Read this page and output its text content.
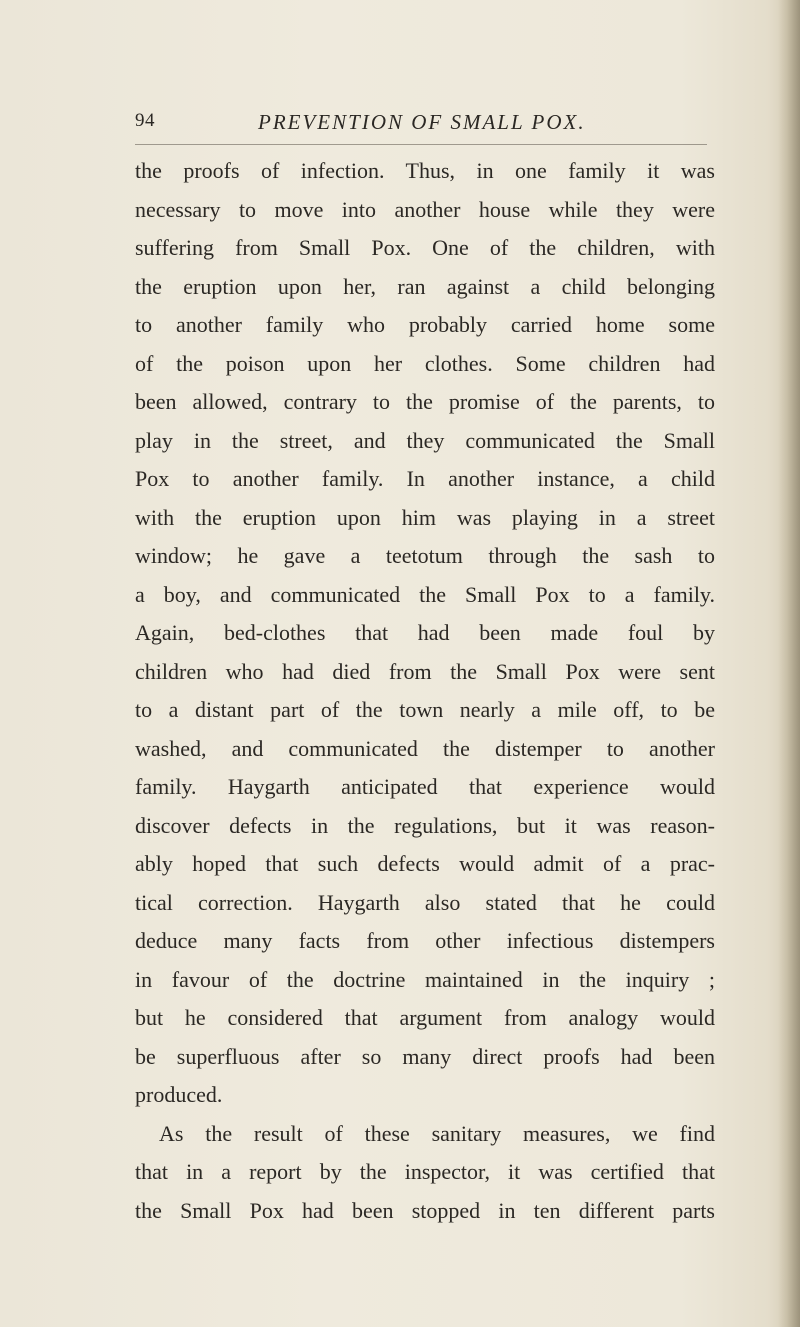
94	PREVENTION OF SMALL POX.
the proofs of infection. Thus, in one family it was
necessary to move into another house while they were
suffering from Small Pox. One of the children, with
the eruption upon her, ran against a child belonging
to another family who probably carried home some
of the poison upon her clothes. Some children had
been allowed, contrary to the promise of the parents, to
play in the street, and they communicated the Small
Pox to another family. In another instance, a child
with the eruption upon him was playing in a street
window; he gave a teetotum through the sash to
a boy, and communicated the Small Pox to a family.
Again, bed-clothes that had been made foul by
children who had died from the Small Pox were sent
to a distant part of the town nearly a mile off, to be
washed, and communicated the distemper to another
family. Haygarth anticipated that experience would
discover defects in the regulations, but it was reason-
ably hoped that such defects would admit of a prac-
tical correction. Haygarth also stated that he could
deduce many facts from other infectious distempers
in favour of the doctrine maintained in the inquiry ;
but he considered that argument from analogy would
be superfluous after so many direct proofs had been
produced.
As the result of these sanitary measures, we find
that in a report by the inspector, it was certified that
the Small Pox had been stopped in ten different parts
